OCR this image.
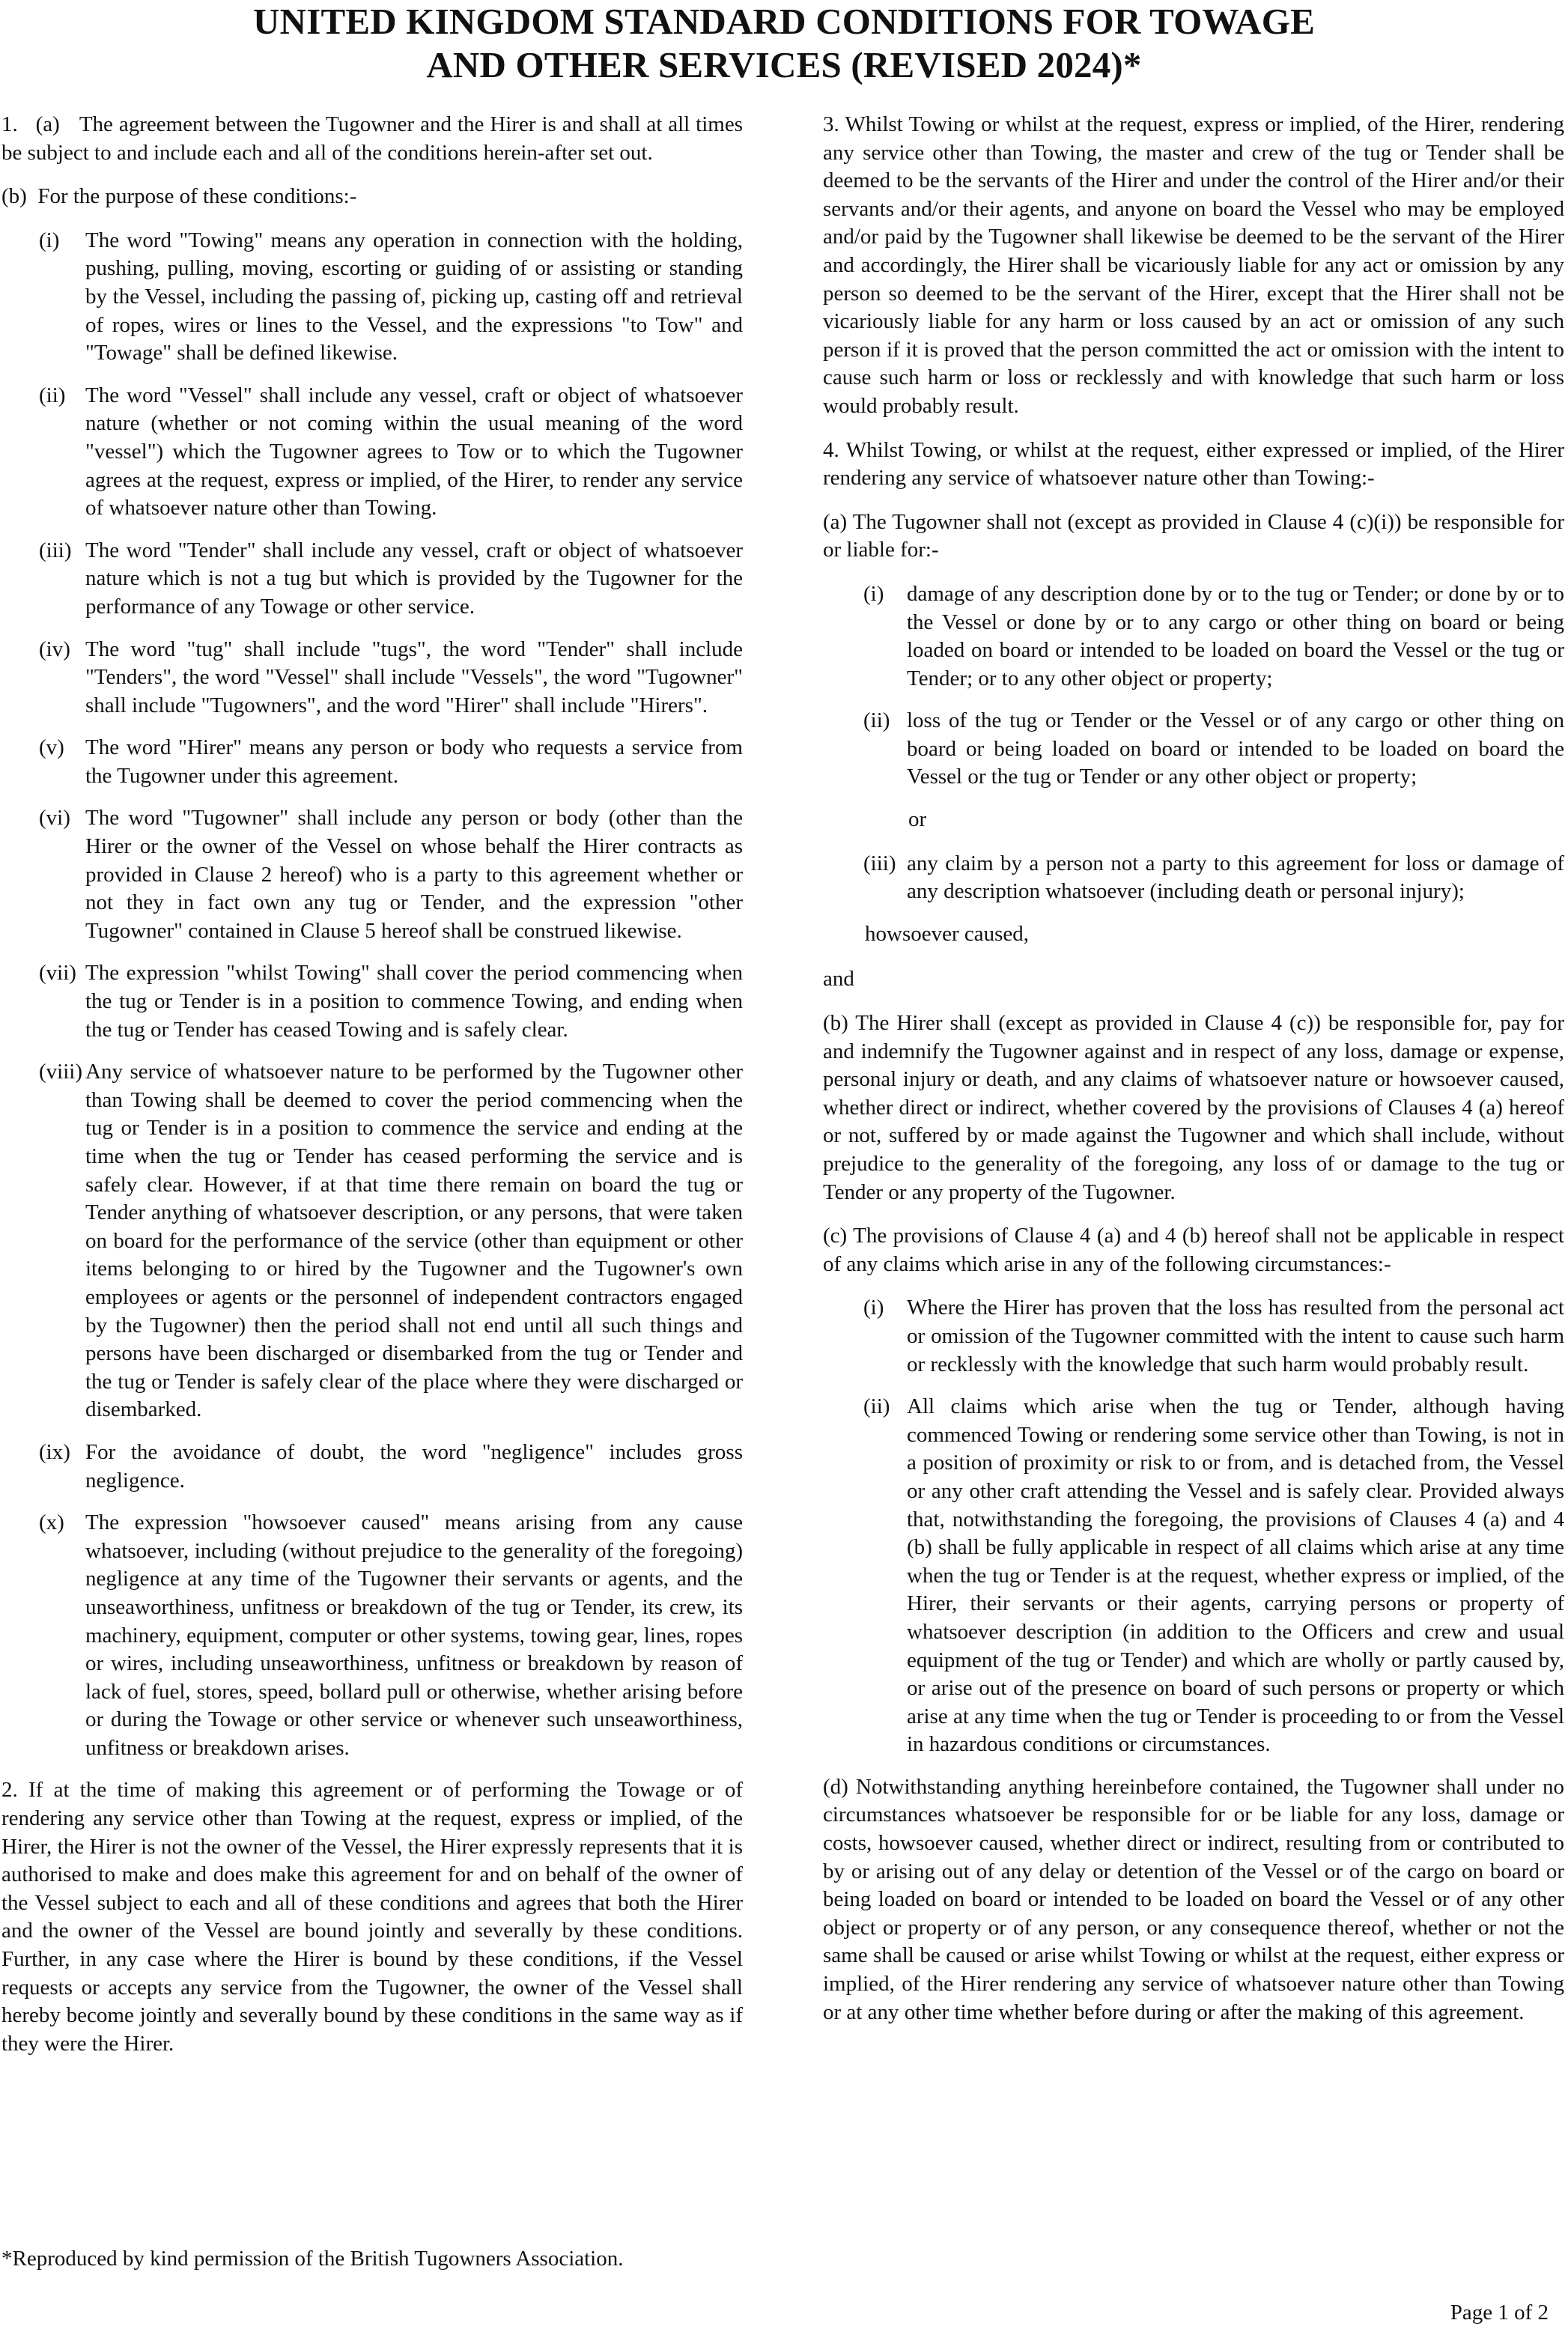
UNITED KINGDOM STANDARD CONDITIONS FOR TOWAGE
AND OTHER SERVICES (REVISED 2024)*
1.   (a) The agreement between the Tugowner and the Hirer is and shall at all times be subject to and include each and all of the conditions herein-after set out.
(b)  For the purpose of these conditions:-
(i)	The word "Towing" means any operation in connection with the holding, pushing, pulling, moving, escorting or guiding of or assisting or standing by the Vessel, including the passing of, picking up, casting off and retrieval of ropes, wires or lines to the Vessel, and the expressions "to Tow" and "Towage" shall be defined likewise.
(ii) The word "Vessel" shall include any vessel, craft or object of whatsoever nature (whether or not coming within the usual meaning of the word "vessel") which the Tugowner agrees to Tow or to which the Tugowner agrees at the request, express or implied, of the Hirer, to render any service of whatsoever nature other than Towing.
(iii) The word "Tender" shall include any vessel, craft or object of whatsoever nature which is not a tug but which is provided by the Tugowner for the performance of any Towage or other service.
(iv) The word "tug" shall include "tugs", the word "Tender" shall include "Tenders", the word "Vessel" shall include "Vessels", the word "Tugowner" shall include "Tugowners", and the word "Hirer" shall include "Hirers".
(v) The word "Hirer" means any person or body who requests a service from the Tugowner under this agreement.
(vi) The word "Tugowner" shall include any person or body (other than the Hirer or the owner of the Vessel on whose behalf the Hirer contracts as provided in Clause 2 hereof) who is a party to this agreement whether or not they in fact own any tug or Tender, and the expression "other Tugowner" contained in Clause 5 hereof shall be construed likewise.
(vii) The expression "whilst Towing" shall cover the period commencing when the tug or Tender is in a position to commence Towing, and ending when the tug or Tender has ceased Towing and is safely clear.
(viii) Any service of whatsoever nature to be performed by the Tugowner other than Towing shall be deemed to cover the period commencing when the tug or Tender is in a position to commence the service and ending at the time when the tug or Tender has ceased performing the service and is safely clear. However, if at that time there remain on board the tug or Tender anything of whatsoever description, or any persons, that were taken on board for the performance of the service (other than equipment or other items belonging to or hired by the Tugowner and the Tugowner's own employees or agents or the personnel of independent contractors engaged by the Tugowner) then the period shall not end until all such things and persons have been discharged or disembarked from the tug or Tender and the tug or Tender is safely clear of the place where they were discharged or disembarked.
(ix) For the avoidance of doubt, the word "negligence" includes gross negligence.
(x) The expression "howsoever caused" means arising from any cause whatsoever, including (without prejudice to the generality of the foregoing) negligence at any time of the Tugowner their servants or agents, and the unseaworthiness, unfitness or breakdown of the tug or Tender, its crew, its machinery, equipment, computer or other systems, towing gear, lines, ropes or wires, including unseaworthiness, unfitness or breakdown by reason of lack of fuel, stores, speed, bollard pull or otherwise, whether arising before or during the Towage or other service or whenever such unseaworthiness, unfitness or breakdown arises.
2. If at the time of making this agreement or of performing the Towage or of rendering any service other than Towing at the request, express or implied, of the Hirer, the Hirer is not the owner of the Vessel, the Hirer expressly represents that it is authorised to make and does make this agreement for and on behalf of the owner of the Vessel subject to each and all of these conditions and agrees that both the Hirer and the owner of the Vessel are bound jointly and severally by these conditions. Further, in any case where the Hirer is bound by these conditions, if the Vessel requests or accepts any service from the Tugowner, the owner of the Vessel shall hereby become jointly and severally bound by these conditions in the same way as if they were the Hirer.
3. Whilst Towing or whilst at the request, express or implied, of the Hirer, rendering any service other than Towing, the master and crew of the tug or Tender shall be deemed to be the servants of the Hirer and under the control of the Hirer and/or their servants and/or their agents, and anyone on board the Vessel who may be employed and/or paid by the Tugowner shall likewise be deemed to be the servant of the Hirer and accordingly, the Hirer shall be vicariously liable for any act or omission by any person so deemed to be the servant of the Hirer, except that the Hirer shall not be vicariously liable for any harm or loss caused by an act or omission of any such person if it is proved that the person committed the act or omission with the intent to cause such harm or loss or recklessly and with knowledge that such harm or loss would probably result.
4. Whilst Towing, or whilst at the request, either expressed or implied, of the Hirer rendering any service of whatsoever nature other than Towing:-
(a) The Tugowner shall not (except as provided in Clause 4 (c)(i)) be responsible for or liable for:-
(i)	damage of any description done by or to the tug or Tender; or done by or to the Vessel or done by or to any cargo or other thing on board or being loaded on board or intended to be loaded on board the Vessel or the tug or Tender; or to any other object or property;
(ii) loss of the tug or Tender or the Vessel or of any cargo or other thing on board or being loaded on board or intended to be loaded on board the Vessel or the tug or Tender or any other object or property;
or
(iii) any claim by a person not a party to this agreement for loss or damage of any description whatsoever (including death or personal injury);
howsoever caused,
and
(b) The Hirer shall (except as provided in Clause 4 (c)) be responsible for, pay for and indemnify the Tugowner against and in respect of any loss, damage or expense, personal injury or death, and any claims of whatsoever nature or howsoever caused, whether direct or indirect, whether covered by the provisions of Clauses 4 (a) hereof or not, suffered by or made against the Tugowner and which shall include, without prejudice to the generality of the foregoing, any loss of or damage to the tug or Tender or any property of the Tugowner.
(c) The provisions of Clause 4 (a) and 4 (b) hereof shall not be applicable in respect of any claims which arise in any of the following circumstances:-
(i)	Where the Hirer has proven that the loss has resulted from the personal act or omission of the Tugowner committed with the intent to cause such harm or recklessly with the knowledge that such harm would probably result.
(ii) All claims which arise when the tug or Tender, although having commenced Towing or rendering some service other than Towing, is not in a position of proximity or risk to or from, and is detached from, the Vessel or any other craft attending the Vessel and is safely clear. Provided always that, notwithstanding the foregoing, the provisions of Clauses 4 (a) and 4 (b) shall be fully applicable in respect of all claims which arise at any time when the tug or Tender is at the request, whether express or implied, of the Hirer, their servants or their agents, carrying persons or property of whatsoever description (in addition to the Officers and crew and usual equipment of the tug or Tender) and which are wholly or partly caused by, or arise out of the presence on board of such persons or property or which arise at any time when the tug or Tender is proceeding to or from the Vessel in hazardous conditions or circumstances.
(d) Notwithstanding anything hereinbefore contained, the Tugowner shall under no circumstances whatsoever be responsible for or be liable for any loss, damage or costs, howsoever caused, whether direct or indirect, resulting from or contributed to by or arising out of any delay or detention of the Vessel or of the cargo on board or being loaded on board or intended to be loaded on board the Vessel or of any other object or property or of any person, or any consequence thereof, whether or not the same shall be caused or arise whilst Towing or whilst at the request, either express or implied, of the Hirer rendering any service of whatsoever nature other than Towing or at any other time whether before during or after the making of this agreement.
*Reproduced by kind permission of the British Tugowners Association.
Page 1 of 2
